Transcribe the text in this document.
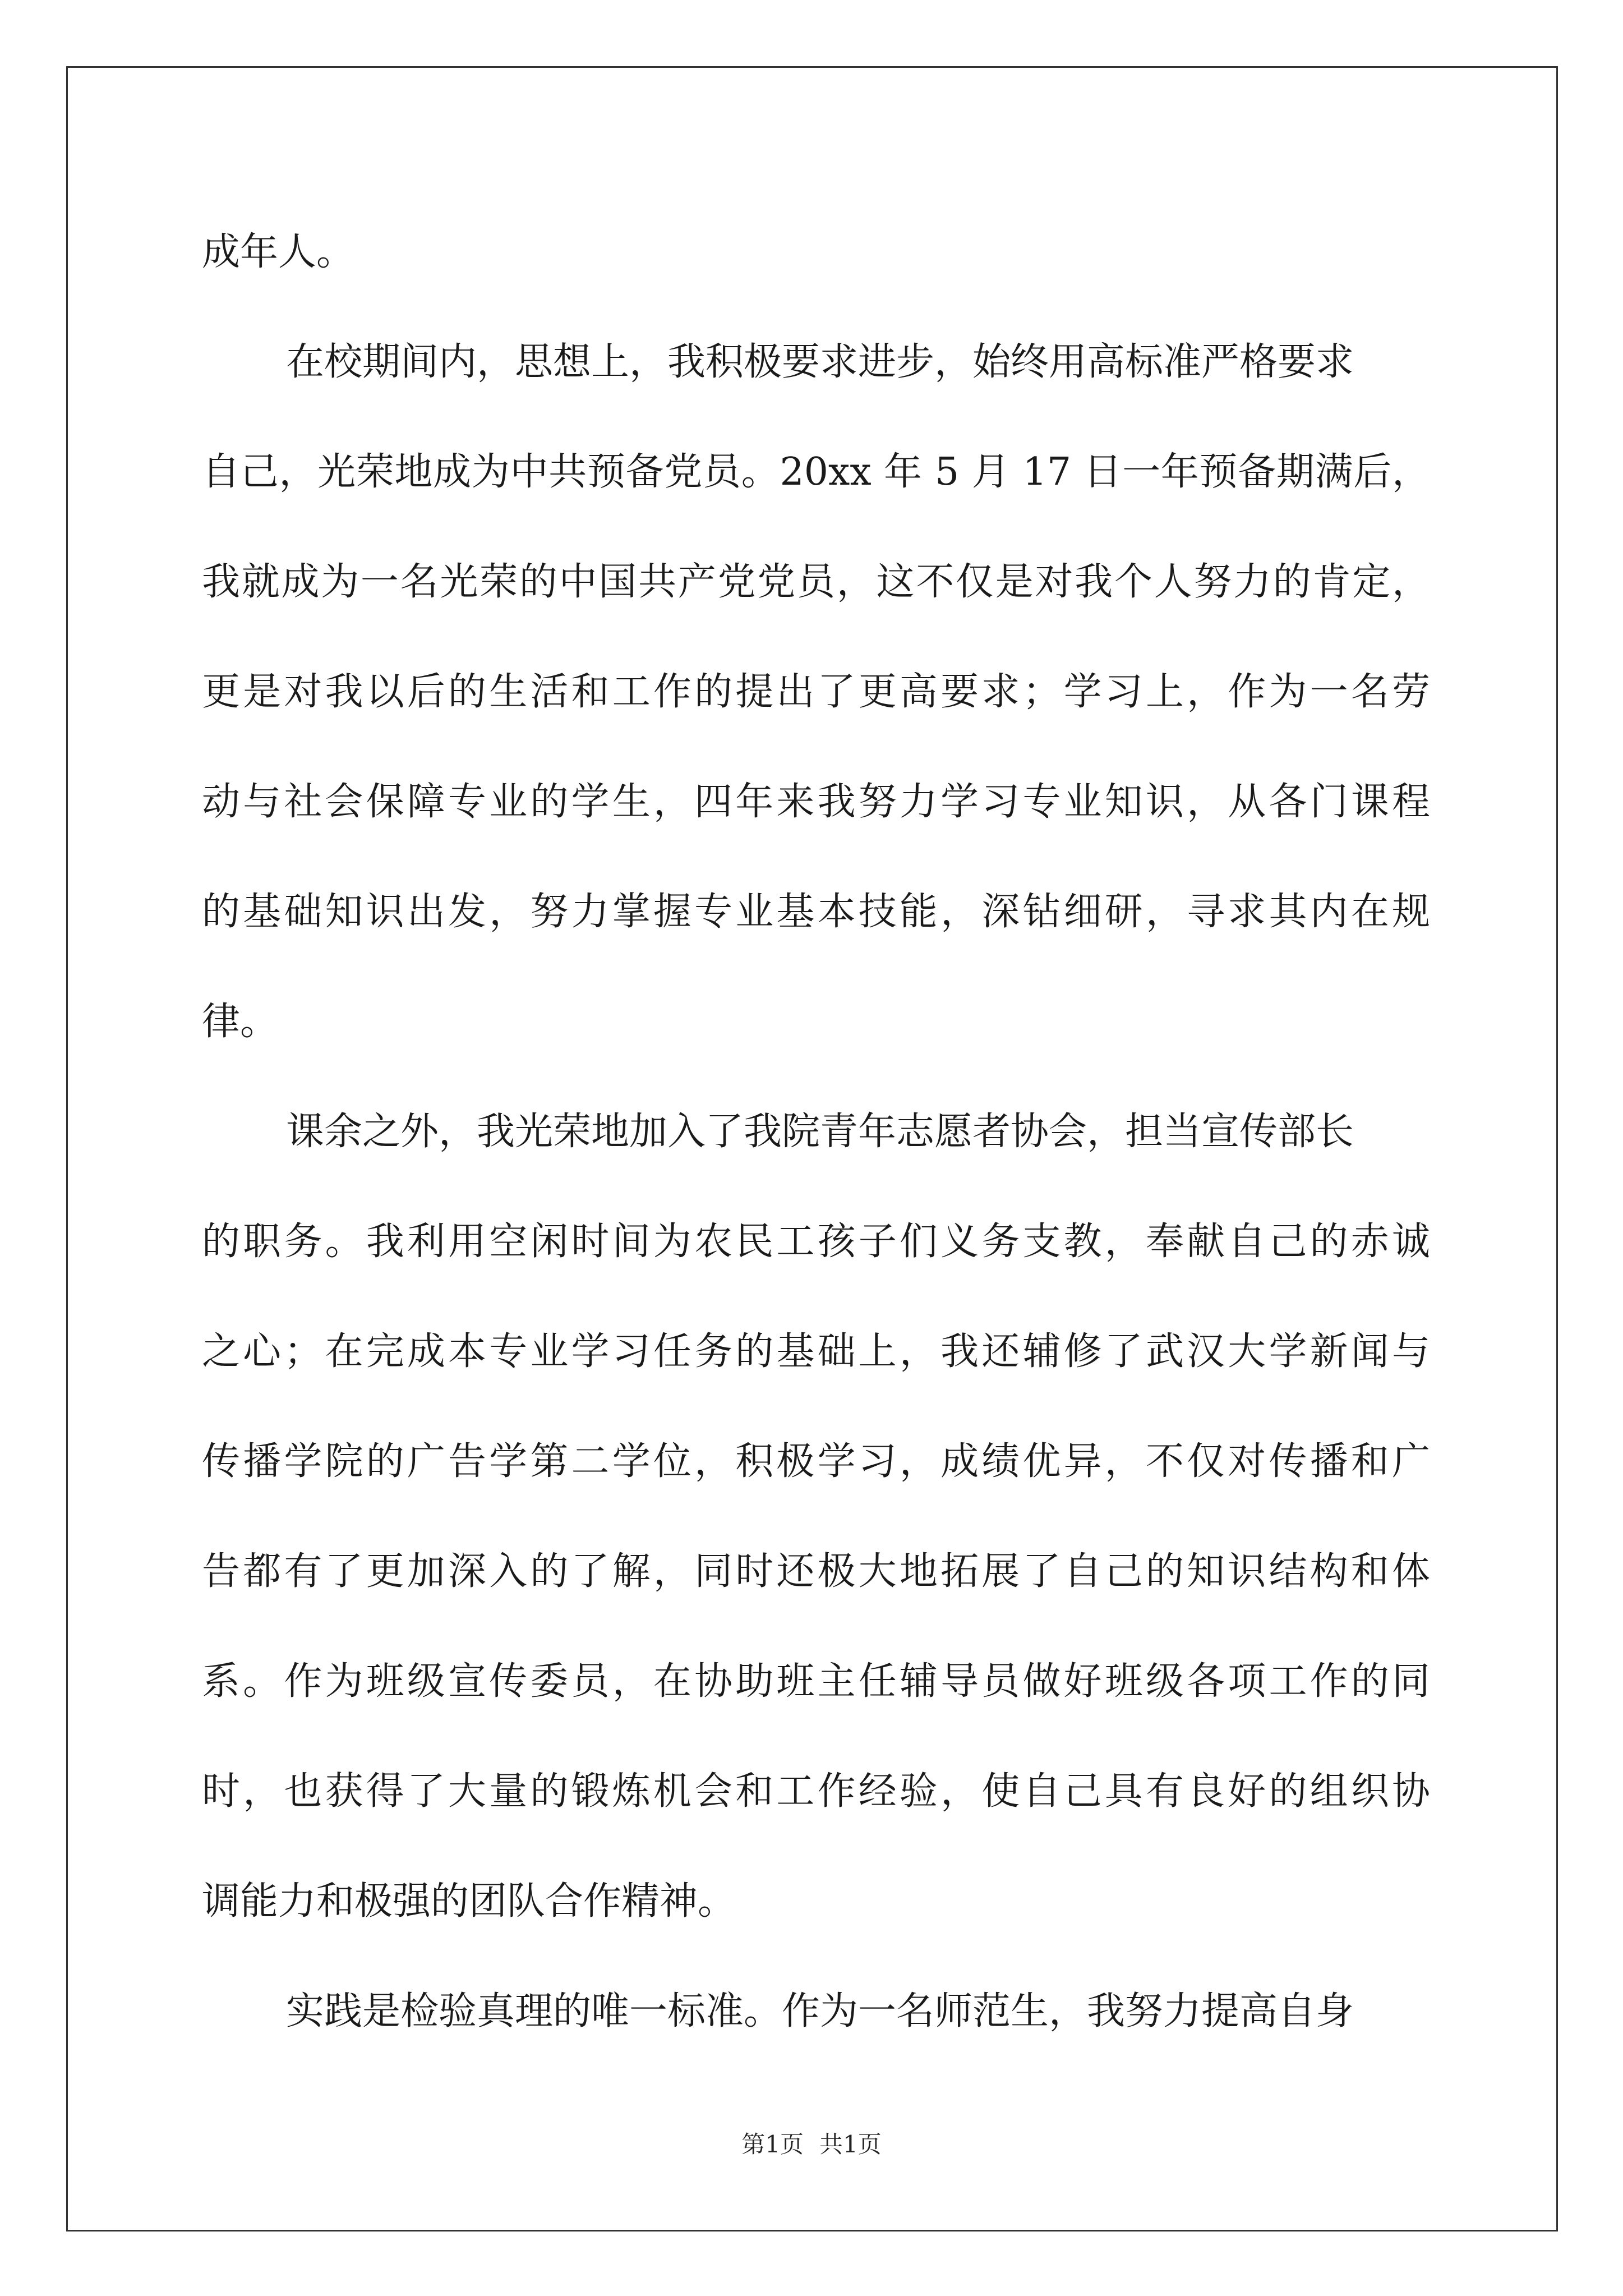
成年人。
在校期间内，思想上，我积极要求进步，始终用高标准严格要求
自己，光荣地成为中共预备党员。20xx 年 5 月 17 日一年预备期满后，
我就成为一名光荣的中国共产党党员，这不仅是对我个人努力的肯定，
更是对我以后的生活和工作的提出了更高要求；学习上，作为一名劳
动与社会保障专业的学生，四年来我努力学习专业知识，从各门课程
的基础知识出发，努力掌握专业基本技能，深钻细研，寻求其内在规
律。
课余之外，我光荣地加入了我院青年志愿者协会，担当宣传部长
的职务。我利用空闲时间为农民工孩子们义务支教，奉献自己的赤诚
之心；在完成本专业学习任务的基础上，我还辅修了武汉大学新闻与
传播学院的广告学第二学位，积极学习，成绩优异，不仅对传播和广
告都有了更加深入的了解，同时还极大地拓展了自己的知识结构和体
系。作为班级宣传委员，在协助班主任辅导员做好班级各项工作的同
时，也获得了大量的锻炼机会和工作经验，使自己具有良好的组织协
调能力和极强的团队合作精神。
实践是检验真理的唯一标准。作为一名师范生，我努力提高自身
第1页 共1页
